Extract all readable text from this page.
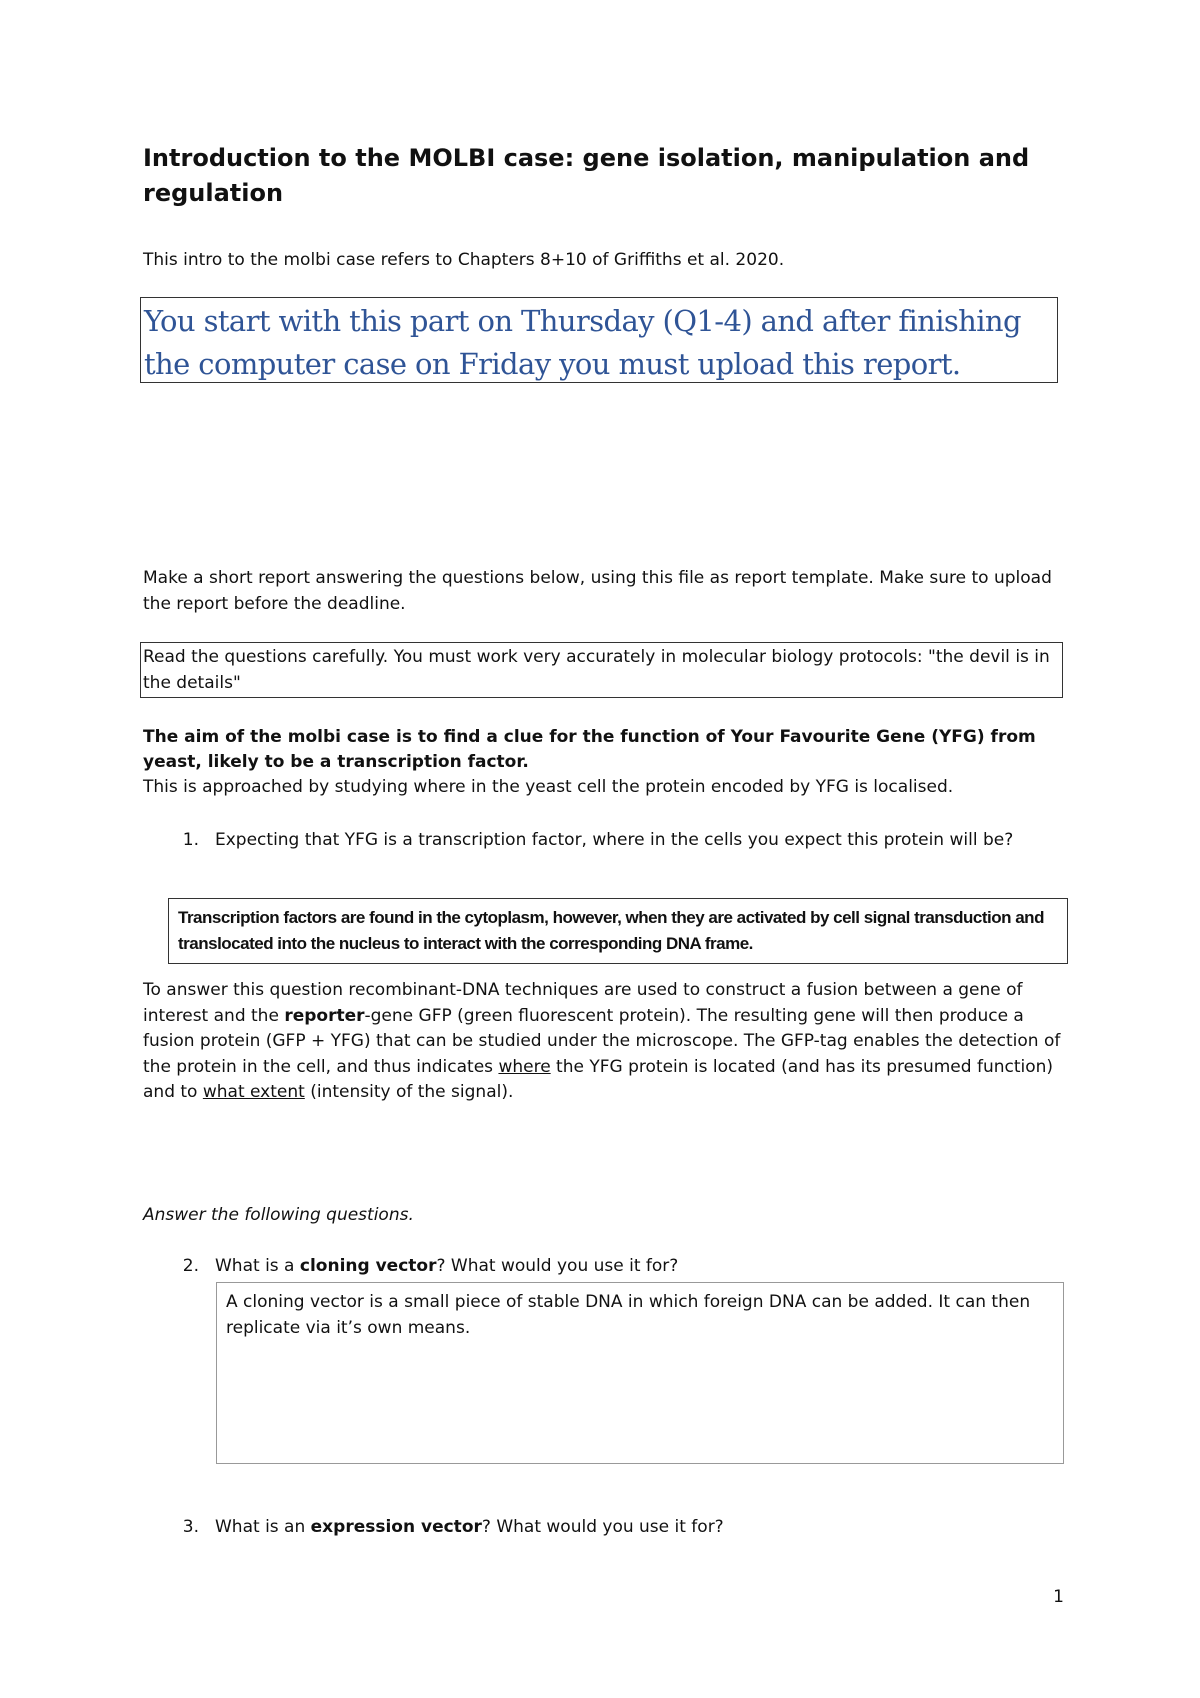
Introduction to the MOLBI case: gene isolation, manipulation and regulation

This intro to the molbi case refers to Chapters 8+10 of Griffiths et al. 2020.

You start with this part on Thursday (Q1-4) and after finishing the computer case on Friday you must upload this report.

Make a short report answering the questions below, using this file as report template. Make sure to upload the report before the deadline.

Read the questions carefully. You must work very accurately in molecular biology protocols: "the devil is in the details"

The aim of the molbi case is to find a clue for the function of Your Favourite Gene (YFG) from yeast, likely to be a transcription factor.
This is approached by studying where in the yeast cell the protein encoded by YFG is localised.

1. Expecting that YFG is a transcription factor, where in the cells you expect this protein will be?
Transcription factors are found in the cytoplasm, however, when they are activated by cell signal transduction and translocated into the nucleus to interact with the corresponding DNA frame.

To answer this question recombinant-DNA techniques are used to construct a fusion between a gene of interest and the reporter-gene GFP (green fluorescent protein). The resulting gene will then produce a fusion protein (GFP + YFG) that can be studied under the microscope. The GFP-tag enables the detection of the protein in the cell, and thus indicates where the YFG protein is located (and has its presumed function) and to what extent (intensity of the signal).

Answer the following questions.

2. What is a cloning vector? What would you use it for?
A cloning vector is a small piece of stable DNA in which foreign DNA can be added. It can then replicate via it’s own means.
3. What is an expression vector? What would you use it for?
1
